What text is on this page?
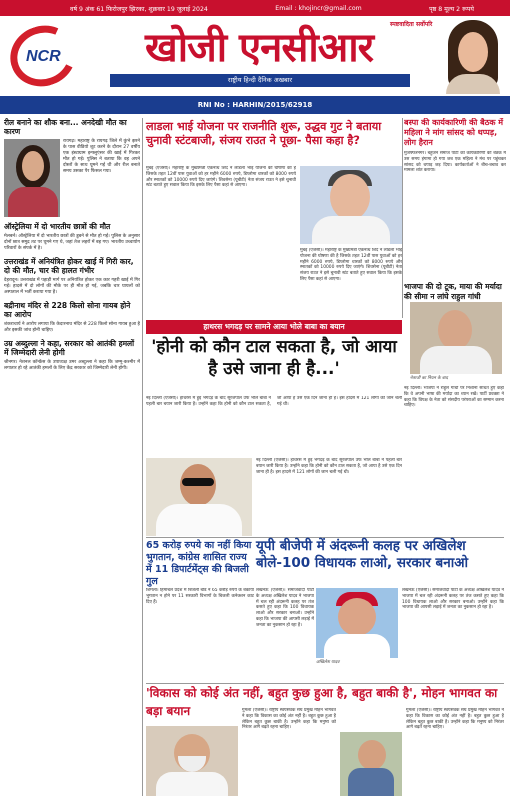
वर्ष 9 अंक 61 फिरोजपुर झिरका, शुक्रवार 19 जुलाई 2024	Email : khojincr@gmail.com	पृष्ठ 8 मूल्य 2 रूपये
NCR	खोजी एनसीआर
स्पष्टवादिता सर्वोपरि
राष्ट्रीय हिन्दी दैनिक अखबार
RNI No : HARHIN/2015/62918
रील बनाने का शौक बना... अनदेखी मौत का कारण
रायगढ़। महाराष्ट्र के रायगढ़ जिले में कुंभे झरने के पास वीडियो शूट करने के दौरान 27 वर्षीय एक इंस्टाग्राम इन्फ्लुएंसर की खाई में गिरकर मौत हो गई। पुलिस ने बताया कि वह अपने दोस्तों के साथ घूमने गई थी और रील बनाते समय उसका पैर फिसल गया।
ऑस्ट्रेलिया में दो भारतीय छात्रों की मौत
मेलबर्न। ऑस्ट्रेलिया में दो भारतीय छात्रों की डूबने से मौत हो गई। पुलिस के अनुसार दोनों छात्र समुद्र तट पर घूमने गए थे, जहां तेज लहरों में बह गए। भारतीय उच्चायोग परिवारों के संपर्क में है।
उत्तराखंड में अनियंत्रित होकर खाई में गिरी कार, दो की मौत, चार की हालत गंभीर
देहरादून। उत्तराखंड में पहाड़ी मार्ग पर अनियंत्रित होकर एक कार गहरी खाई में गिर गई। हादसे में दो लोगों की मौके पर ही मौत हो गई, जबकि चार घायलों को अस्पताल में भर्ती कराया गया है।
बद्रीनाथ मंदिर से 228 किलो सोना गायब होने का आरोप
शंकराचार्य ने आरोप लगाया कि केदारनाथ मंदिर से 228 किलो सोना गायब हुआ है और इसकी जांच होनी चाहिए।
उम्र अब्दुल्ला ने कहा, सरकार को आतंकी हमलों में जिम्मेदारी लेनी होगी
श्रीनगर। नेशनल कॉन्फ्रेंस के उपाध्यक्ष उमर अब्दुल्ला ने कहा कि जम्मू-कश्मीर में लगातार हो रहे आतंकी हमलों के लिए केंद्र सरकार को जिम्मेदारी लेनी होगी।
लाडला भाई योजना पर राजनीति शुरू, उद्धव गुट ने बताया चुनावी स्टंटबाजी, संजय राउत ने पूछा- पैसा कहा है?
मुंबई (एजेंसी)। महाराष्ट्र के मुख्यमंत्री एकनाथ शिंदे ने लाडला भाई योजना की घोषणा की है जिसके तहत 12वीं पास युवाओं को हर महीने 6000 रुपये, डिप्लोमा धारकों को 8000 रुपये और स्नातकों को 10000 रुपये दिए जाएंगे। शिवसेना (यूबीटी) नेता संजय राउत ने इसे चुनावी स्टंट बताते हुए सवाल किया कि इसके लिए पैसा कहां से आएगा।
मुंबई (एजेंसी)। महाराष्ट्र के मुख्यमंत्री एकनाथ शिंदे ने लाडला भाई योजना की घोषणा की है जिसके तहत 12वीं पास युवाओं को हर महीने 6000 रुपये, डिप्लोमा धारकों को 8000 रुपये और स्नातकों को 10000 रुपये दिए जाएंगे। शिवसेना (यूबीटी) नेता संजय राउत ने इसे चुनावी स्टंट बताते हुए सवाल किया कि इसके लिए पैसा कहां से आएगा।
बस्पा की कार्यकारिणी की बैठक में महिला ने मांग सांसद को थप्पड़, लोग हैरान
मुजफ्फरनगर। बहुजन समाज पार्टी की कार्यकारिणी की बैठक में उस समय हंगामा हो गया जब एक महिला ने मंच पर पहुंचकर सांसद को थप्पड़ जड़ दिया। कार्यकर्ताओं ने बीच-बचाव कर मामला शांत कराया।
भाजपा की दो टूक, माया की मर्यादा की सीमा न लांघे राहुल गांधी
नेताजी का निधन के बाद
नई दिल्ली। भाजपा ने राहुल गांधी पर निशाना साधते हुए कहा कि वे अपनी भाषा की मर्यादा का ध्यान रखें। पार्टी प्रवक्ता ने कहा कि विपक्ष के नेता को संसदीय परंपराओं का सम्मान करना चाहिए।
हाथरस भगदड़ पर सामने आया भोले बाबा का बयान
'होनी को कौन टाल सकता है, जो आया है उसे जाना ही है...'
नई दिल्ली (एजेंसी)। हाथरस में हुई भगदड़ के बाद सूरजपाल उर्फ भोले बाबा ने पहली बार बयान जारी किया है। उन्होंने कहा कि होनी को कौन टाल सकता है, जो आया है उसे एक दिन जाना ही है। इस हादसे में 121 लोगों की जान चली गई थी।
नई दिल्ली (एजेंसी)। हाथरस में हुई भगदड़ के बाद सूरजपाल उर्फ भोले बाबा ने पहली बार बयान जारी किया है। उन्होंने कहा कि होनी को कौन टाल सकता है, जो आया है उसे एक दिन जाना ही है। इस हादसे में 121 लोगों की जान चली गई थी।
65 करोड़ रुपये का नहीं किया भुगतान, कांग्रेस शासित राज्य में 11 डिपार्टमेंट्स की बिजली गुल
शिमला। हिमाचल प्रदेश में बिजली बोर्ड ने 65 करोड़ रुपये के बकाया भुगतान न होने पर 11 सरकारी विभागों के बिजली कनेक्शन काट दिए हैं।
यूपी बीजेपी में अंदरूनी कलह पर अखिलेश बोले-100 विधायक लाओ, सरकार बनाओ
लखनऊ (एजेंसी)। समाजवादी पार्टी के अध्यक्ष अखिलेश यादव ने भाजपा में चल रही अंदरूनी कलह पर तंज कसते हुए कहा कि 100 विधायक लाओ और सरकार बनाओ। उन्होंने कहा कि भाजपा की आपसी लड़ाई में जनता का नुकसान हो रहा है।
अखिलेश यादव
लखनऊ (एजेंसी)। समाजवादी पार्टी के अध्यक्ष अखिलेश यादव ने भाजपा में चल रही अंदरूनी कलह पर तंज कसते हुए कहा कि 100 विधायक लाओ और सरकार बनाओ। उन्होंने कहा कि भाजपा की आपसी लड़ाई में जनता का नुकसान हो रहा है।
'विकास को कोई अंत नहीं, बहुत कुछ हुआ है, बहुत बाकी है', मोहन भागवत का बड़ा बयान	गुमला (एजेंसी)। राष्ट्रीय स्वयंसेवक संघ प्रमुख मोहन भागवत ने कहा कि विकास का कोई अंत नहीं है। बहुत कुछ हुआ है लेकिन बहुत कुछ बाकी है। उन्होंने कहा कि मनुष्य को निरंतर आगे बढ़ते रहना चाहिए।
गुमला (एजेंसी)। राष्ट्रीय स्वयंसेवक संघ प्रमुख मोहन भागवत ने कहा कि विकास का कोई अंत नहीं है। बहुत कुछ हुआ है लेकिन बहुत कुछ बाकी है। उन्होंने कहा कि मनुष्य को निरंतर आगे बढ़ते रहना चाहिए।
